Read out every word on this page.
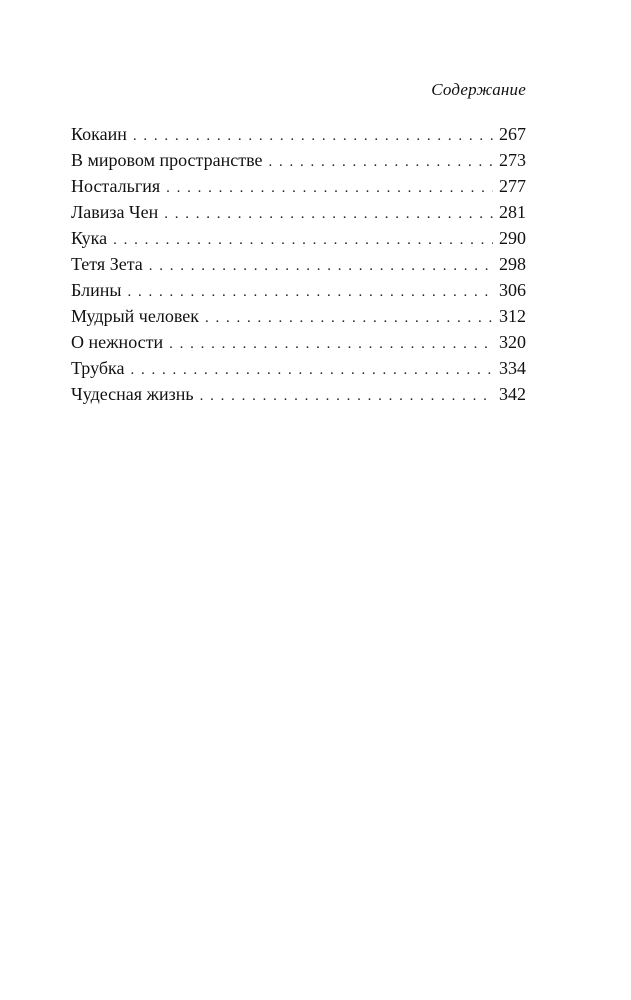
Содержание
Кокаин . . .	267
В мировом пространстве . . .	273
Ностальгия . . .	277
Лавиза Чен . . .	281
Кука . . .	290
Тетя Зета . . .	298
Блины . . .	306
Мудрый человек . . .	312
О нежности . . .	320
Трубка . . .	334
Чудесная жизнь . . .	342
